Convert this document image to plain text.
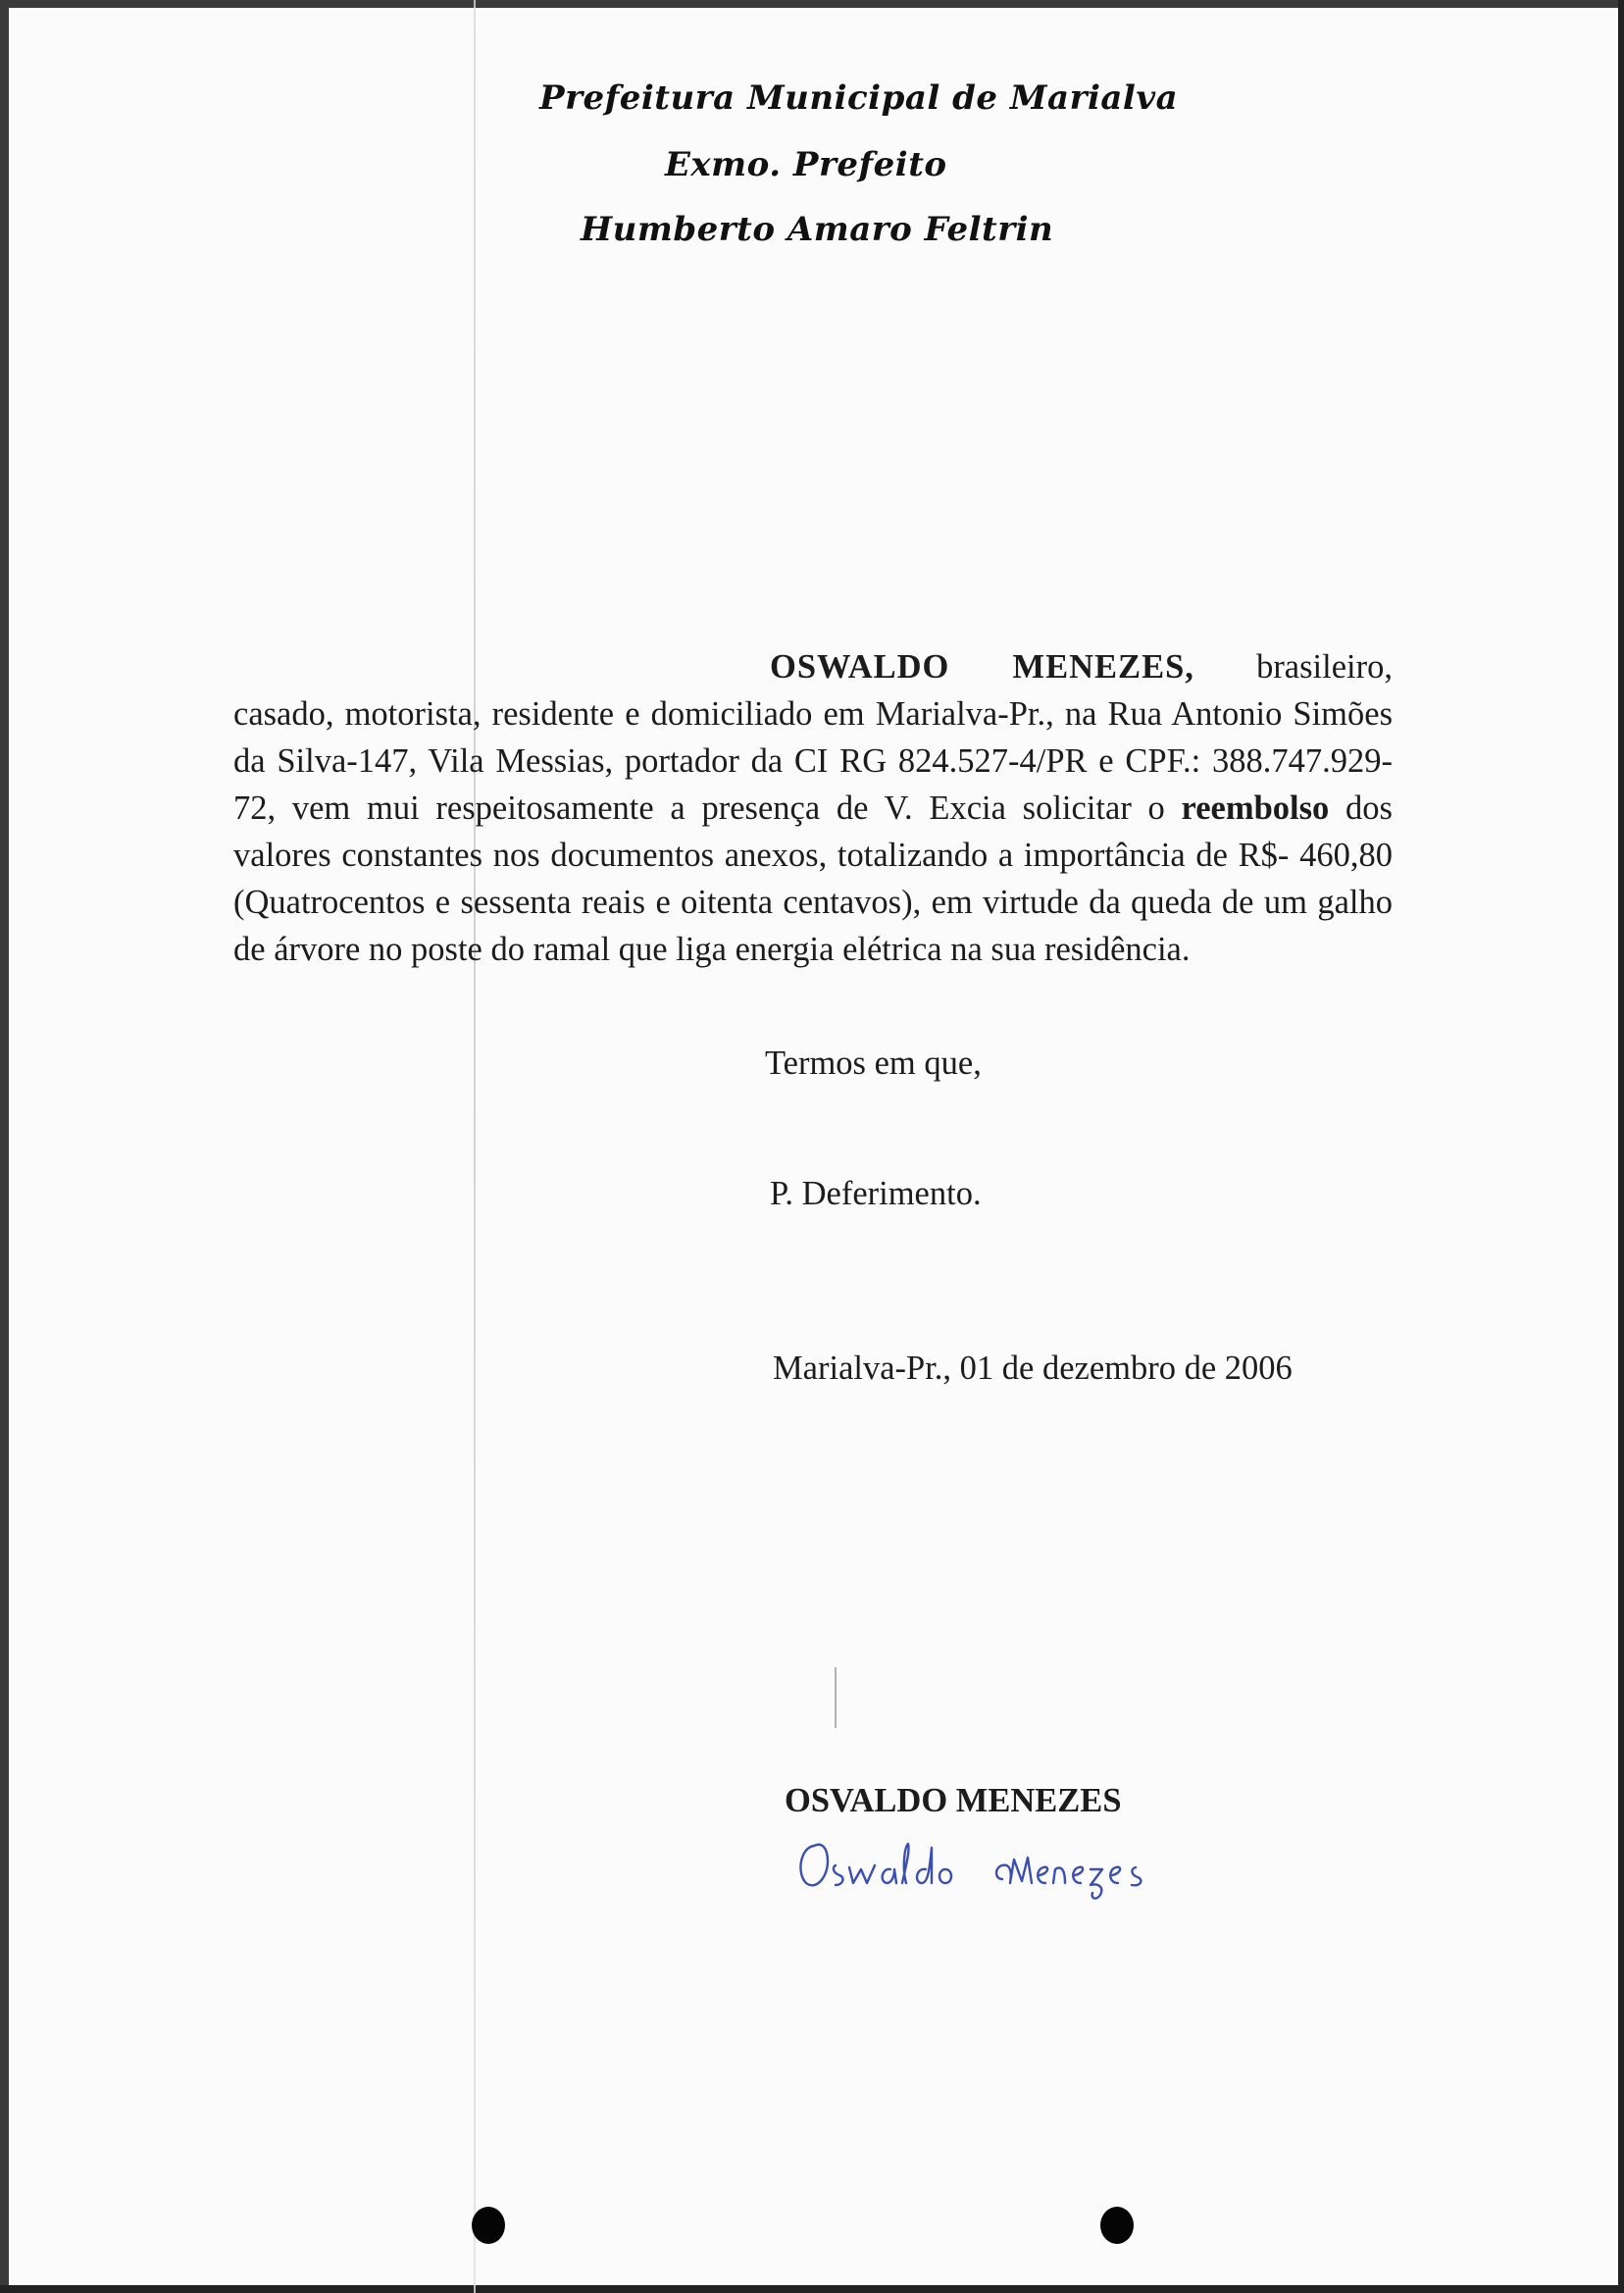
Prefeitura Municipal de Marialva
Exmo. Prefeito
Humberto Amaro Feltrin

OSWALDO MENEZES, brasileiro, casado, motorista, residente e domiciliado em Marialva-Pr., na Rua Antonio Simões da Silva-147, Vila Messias, portador da CI RG 824.527-4/PR e CPF.: 388.747.929-72, vem mui respeitosamente a presença de V. Excia solicitar o reembolso dos valores constantes nos documentos anexos, totalizando a importância de R$- 460,80 (Quatrocentos e sessenta reais e oitenta centavos), em virtude da queda de um galho de árvore no poste do ramal que liga energia elétrica na sua residência.

Termos em que,
P. Deferimento.
Marialva-Pr., 01 de dezembro de 2006
OSVALDO MENEZES
